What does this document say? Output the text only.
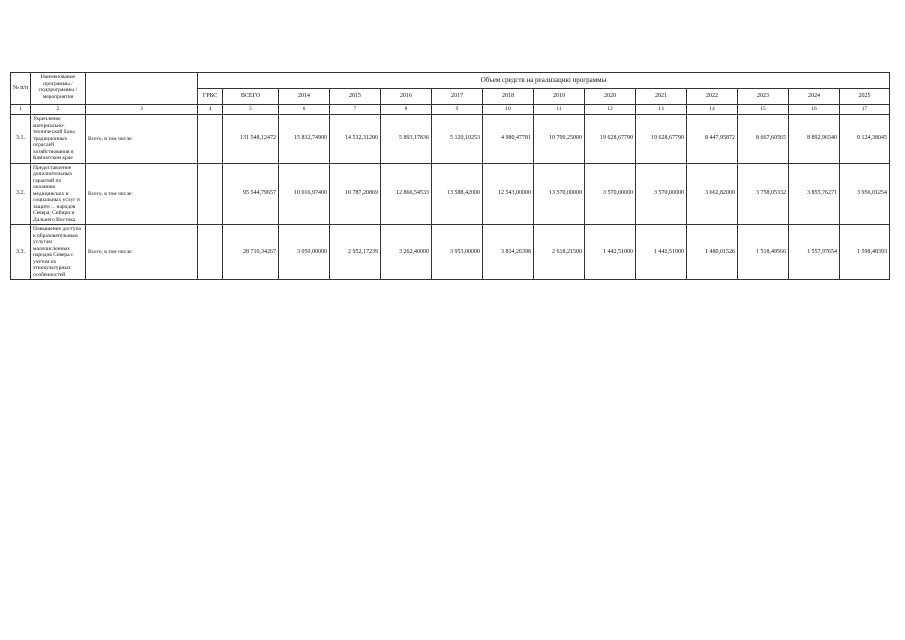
№ п/п	Наименование программы / подпрограммы / мероприятия		Объем средств на реализацию программы													
			ГРБС	ВСЕГО	2014	2015	2016	2017	2018	2019	2020	2021	2022	2023	2024	2025
1	2	3	4	5	6	7	8	9	10	11	12	13	14	15	16	17
3.1.	Укрепление материально-технической базы традиционных отраслей хозяйствования в Камчатском крае	Всего, в том числе:		131 548,12472	15 832,74900	14 532,31200	5 893,17836	5 120,10253	4 980,47781	10 799,25000	19 628,67790	19 628,67790	8 447,95872	8 667,60565	8 892,96540	9 124,38045
3.2.	Предоставление дополнительных гарантий по оказанию медицинских и социальных услуг и защите ... народов Севера, Сибири и Дальнего Востока	Всего, в том числе:		95 544,79657	10 016,97400	10 787,20869	12 866,54533	13 588,42000	12 543,00000	13 570,00000	3 570,00000	3 570,00000	3 662,82000	3 758,05332	3 855,76271	3 956,01254
3.3.	Повышение доступа к образовательным услугам малочисленных народов Севера с учетом их этнокультурных особенностей	Всего, в том числе:		28 710,34267	3 050,00000	2 952,17239	3 262,40000	3 953,00000	3 834,26398	2 618,21500	1 442,51000	1 442,51000	1 480,01526	1 518,49566	1 557,97654	1 598,48393
